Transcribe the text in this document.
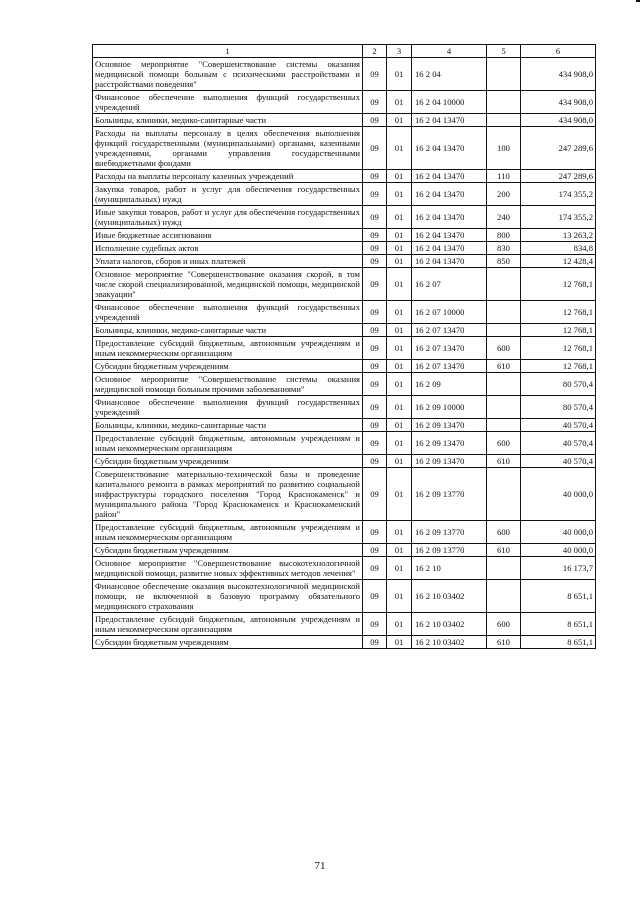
1	2	3	4	5	6
Основное мероприятие "Совершенствование системы оказания медицинской помощи больным с психическими расстройствами и расстройствами поведения"	09	01	16 2 04		434 908,0
Финансовое обеспечение выполнения функций государственных учреждений	09	01	16 2 04 10000		434 908,0
Больницы, клиники, медико-санитарные части	09	01	16 2 04 13470		434 908,0
Расходы на выплаты персоналу в целях обеспечения выполнения функций государственными (муниципальными) органами, казенными учреждениями, органами управления государственными внебюджетными фондами	09	01	16 2 04 13470	100	247 289,6
Расходы на выплаты персоналу казенных учреждений	09	01	16 2 04 13470	110	247 289,6
Закупка товаров, работ и услуг для обеспечения государственных (муниципальных) нужд	09	01	16 2 04 13470	200	174 355,2
Иные закупки товаров, работ и услуг для обеспечения государственных (муниципальных) нужд	09	01	16 2 04 13470	240	174 355,2
Иные бюджетные ассигнования	09	01	16 2 04 13470	800	13 263,2
Исполнение судебных актов	09	01	16 2 04 13470	830	834,8
Уплата налогов, сборов и иных платежей	09	01	16 2 04 13470	850	12 428,4
Основное мероприятие "Совершенствование оказания скорой, в том числе скорой специализированной, медицинской помощи, медицинской эвакуации"	09	01	16 2 07		12 768,1
Финансовое обеспечение выполнения функций государственных учреждений	09	01	16 2 07 10000		12 768,1
Больницы, клиники, медико-санитарные части	09	01	16 2 07 13470		12 768,1
Предоставление субсидий бюджетным, автономным учреждениям и иным некоммерческим организациям	09	01	16 2 07 13470	600	12 768,1
Субсидии бюджетным учреждениям	09	01	16 2 07 13470	610	12 768,1
Основное мероприятие "Совершенствование системы оказания медицинской помощи больным прочими заболеваниями"	09	01	16 2 09		80 570,4
Финансовое обеспечение выполнения функций государственных учреждений	09	01	16 2 09 10000		80 570,4
Больницы, клиники, медико-санитарные части	09	01	16 2 09 13470		40 570,4
Предоставление субсидий бюджетным, автономным учреждениям и иным некоммерческим организациям	09	01	16 2 09 13470	600	40 570,4
Субсидии бюджетным учреждениям	09	01	16 2 09 13470	610	40 570,4
Совершенствование материально-технической базы и проведение капитального ремонта в рамках мероприятий по развитию социальной инфраструктуры городского поселения "Город Краснокаменск" и муниципального района "Город Краснокаменск и Краснокаменский район"	09	01	16 2 09 13770		40 000,0
Предоставление субсидий бюджетным, автономным учреждениям и иным некоммерческим организациям	09	01	16 2 09 13770	600	40 000,0
Субсидии бюджетным учреждениям	09	01	16 2 09 13770	610	40 000,0
Основное мероприятие "Совершенствование высокотехнологичной медицинской помощи, развитие новых эффективных методов лечения"	09	01	16 2 10		16 173,7
Финансовое обеспечение оказания высокотехнологичной медицинской помощи, не включенной в базовую программу обязательного медицинского страхования	09	01	16 2 10 03402		8 651,1
Предоставление субсидий бюджетным, автономным учреждениям и иным некоммерческим организациям	09	01	16 2 10 03402	600	8 651,1
Субсидии бюджетным учреждениям	09	01	16 2 10 03402	610	8 651,1
71
